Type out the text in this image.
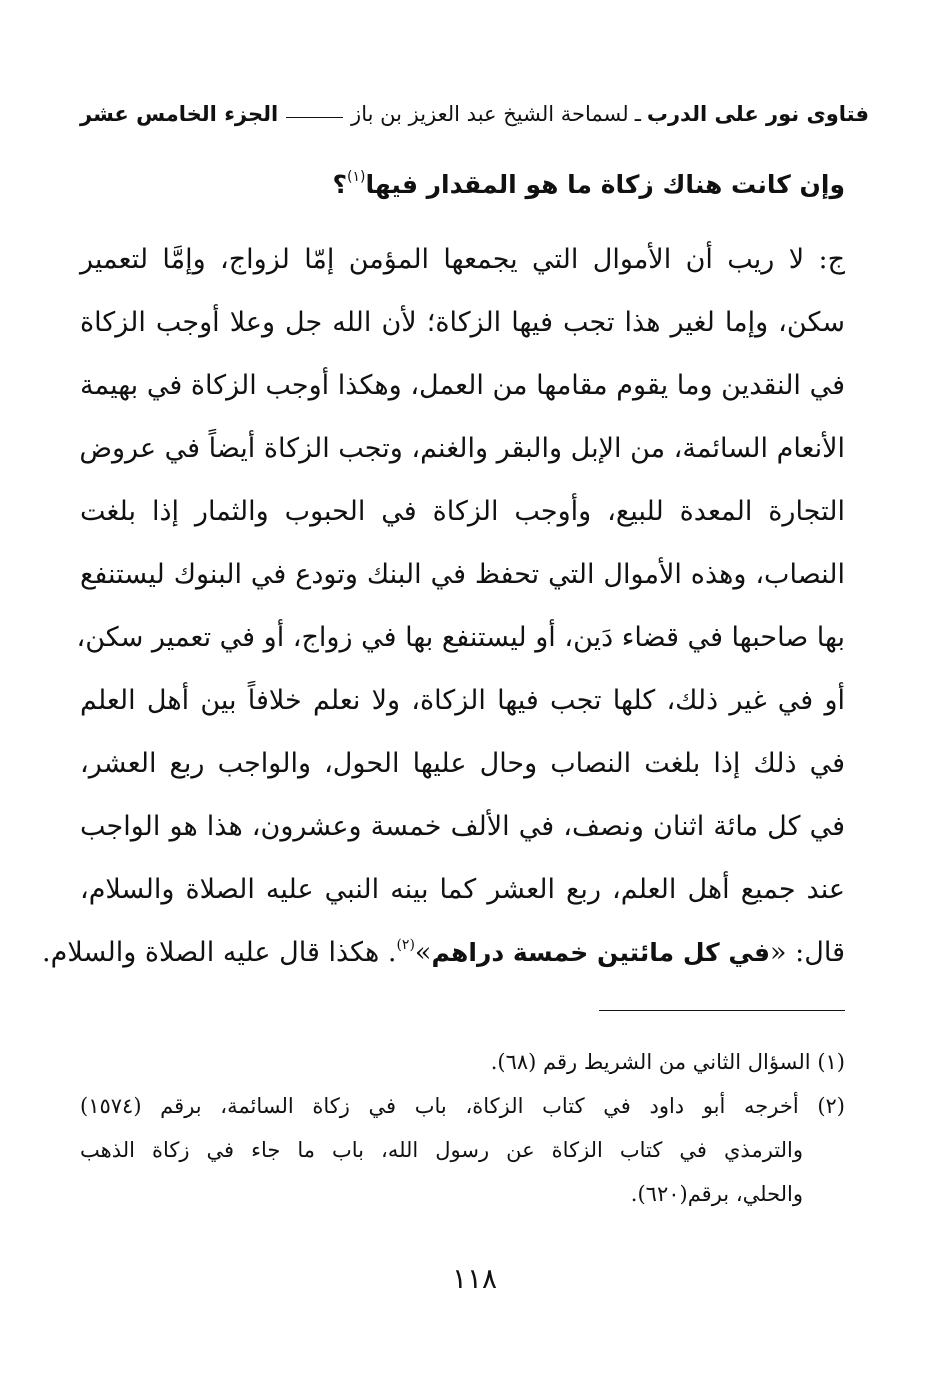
فتاوى نور على الدرب
ـ
لسماحة الشيخ عبد العزيز بن باز
الجزء الخامس عشر
وإن كانت هناك زكاة ما هو المقدار فيها$^{(١)}$؟
ج: لا ريب أن الأموال التي يجمعها المؤمن إمّا لزواج، وإمَّا لتعمير
سكن، وإما لغير هذا تجب فيها الزكاة؛ لأن الله جل وعلا أوجب الزكاة
في النقدين وما يقوم مقامها من العمل، وهكذا أوجب الزكاة في بهيمة
الأنعام السائمة، من الإبل والبقر والغنم، وتجب الزكاة أيضاً في عروض
التجارة المعدة للبيع، وأوجب الزكاة في الحبوب والثمار إذا بلغت
النصاب، وهذه الأموال التي تحفظ في البنك وتودع في البنوك ليستنفع
بها صاحبها في قضاء دَين، أو ليستنفع بها في زواج، أو في تعمير سكن،
أو في غير ذلك، كلها تجب فيها الزكاة، ولا نعلم خلافاً بين أهل العلم
في ذلك إذا بلغت النصاب وحال عليها الحول، والواجب ربع العشر،
في كل مائة اثنان ونصف، في الألف خمسة وعشرون، هذا هو الواجب
عند جميع أهل العلم، ربع العشر كما بينه النبي عليه الصلاة والسلام،
قال: «في كل مائتين خمسة دراهم»$^{(٢)}$. هكذا قال عليه الصلاة والسلام.
(١) السؤال الثاني من الشريط رقم (٦٨).
(٢) أخرجه أبو داود في كتاب الزكاة، باب في زكاة السائمة، برقم (١٥٧٤)
والترمذي في كتاب الزكاة عن رسول الله، باب ما جاء في زكاة الذهب
والحلي، برقم(٦٢٠).
١١٨
